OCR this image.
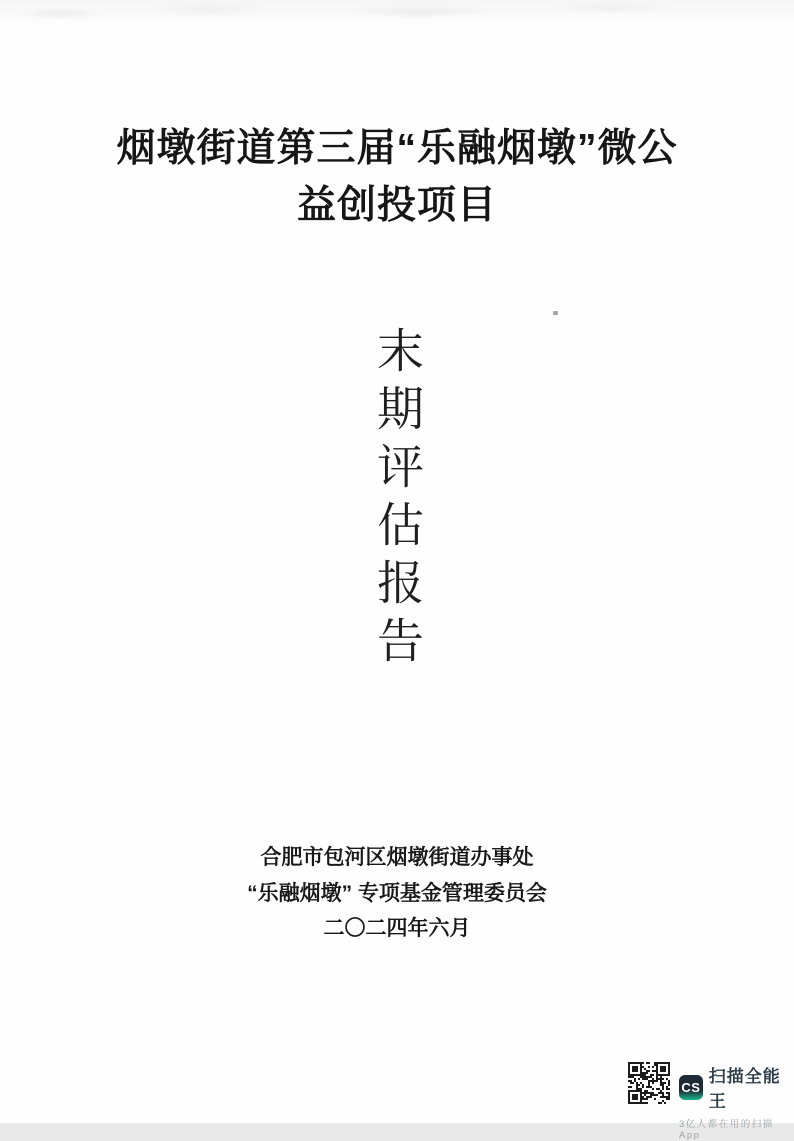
烟墩街道第三届“乐融烟墩”微公
益创投项目
末期评估报告
合肥市包河区烟墩街道办事处
“乐融烟墩” 专项基金管理委员会
二〇二四年六月
CS
扫描全能王
3亿人都在用的扫描App
